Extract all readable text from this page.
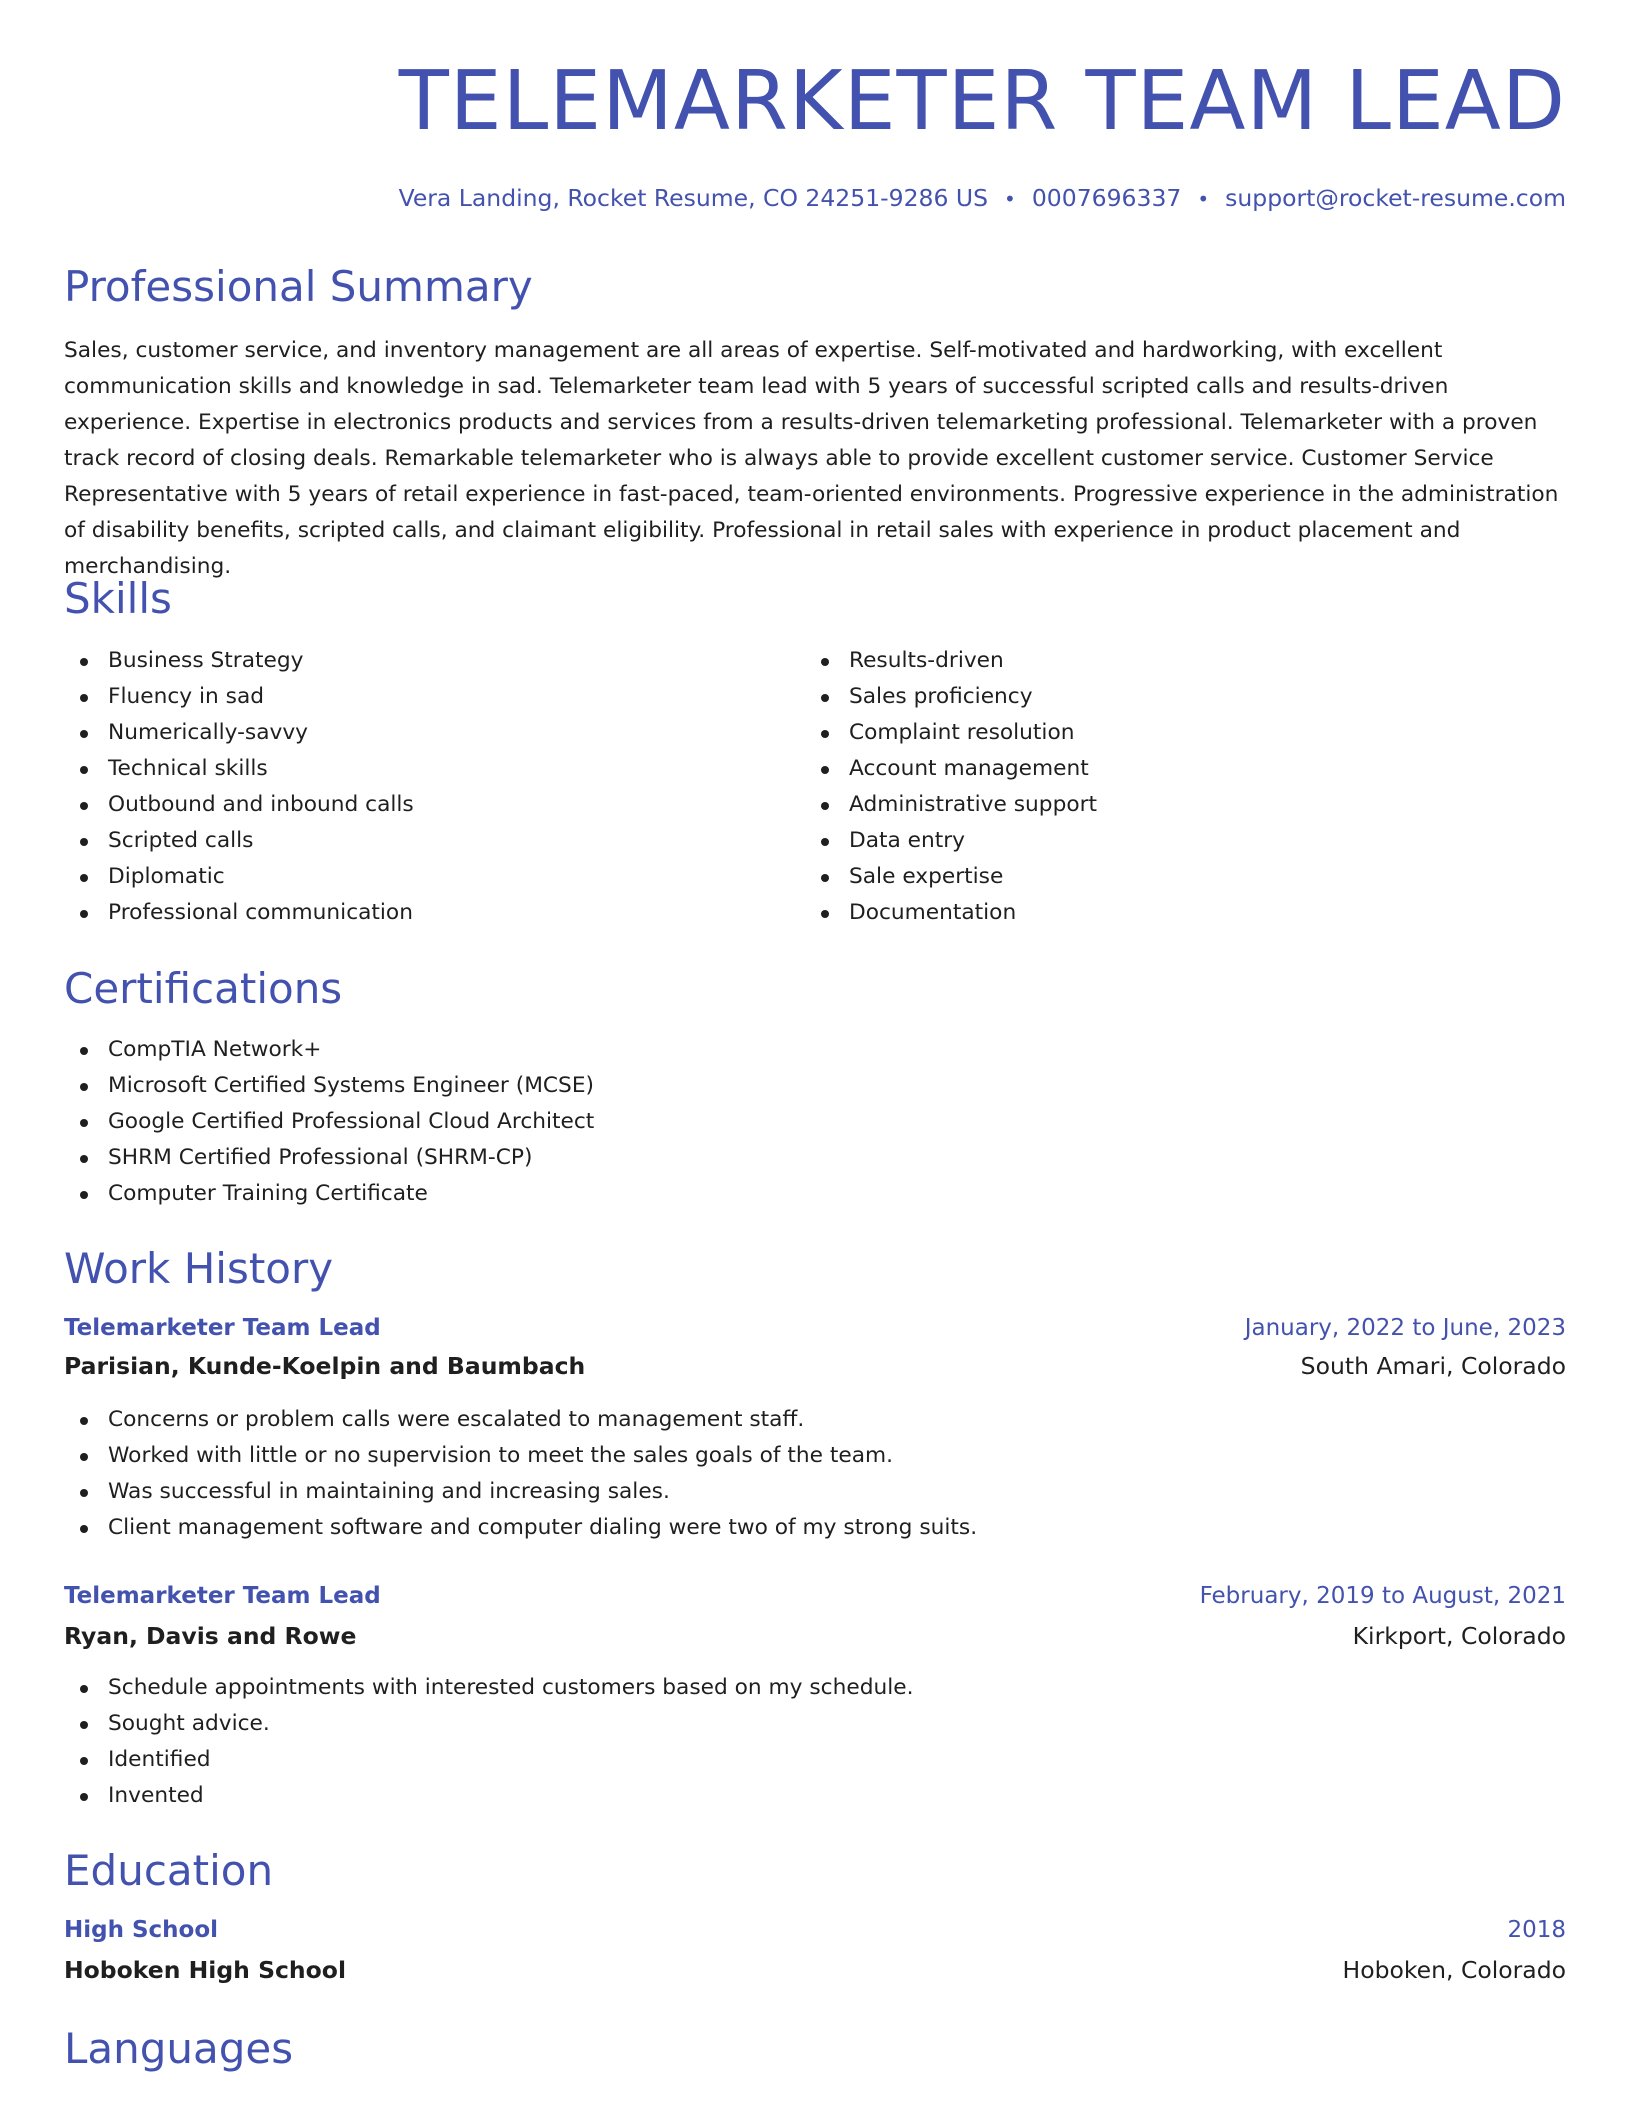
TELEMARKETER TEAM LEAD
Vera Landing, Rocket Resume, CO 24251-9286 US • 0007696337 • support@rocket-resume.com
Professional Summary

Sales, customer service, and inventory management are all areas of expertise. Self-motivated and hardworking, with excellent communication skills and knowledge in sad. Telemarketer team lead with 5 years of successful scripted calls and results-driven experience. Expertise in electronics products and services from a results-driven telemarketing professional. Telemarketer with a proven track record of closing deals. Remarkable telemarketer who is always able to provide excellent customer service. Customer Service Representative with 5 years of retail experience in fast-paced, team-oriented environments. Progressive experience in the administration of disability benefits, scripted calls, and claimant eligibility. Professional in retail sales with experience in product placement and merchandising.

Skills
Business Strategy
Fluency in sad
Numerically-savvy
Technical skills
Outbound and inbound calls
Scripted calls
Diplomatic
Professional communication
Results-driven
Sales proficiency
Complaint resolution
Account management
Administrative support
Data entry
Sale expertise
Documentation
Certifications
CompTIA Network+
Microsoft Certified Systems Engineer (MCSE)
Google Certified Professional Cloud Architect
SHRM Certified Professional (SHRM-CP)
Computer Training Certificate
Work History
Telemarketer Team Lead	January, 2022 to June, 2023
Parisian, Kunde-Koelpin and Baumbach	South Amari, Colorado
Concerns or problem calls were escalated to management staff.
Worked with little or no supervision to meet the sales goals of the team.
Was successful in maintaining and increasing sales.
Client management software and computer dialing were two of my strong suits.
Telemarketer Team Lead	February, 2019 to August, 2021
Ryan, Davis and Rowe	Kirkport, Colorado
Schedule appointments with interested customers based on my schedule.
Sought advice.
Identified
Invented
Education
High School	2018
Hoboken High School	Hoboken, Colorado
Languages
